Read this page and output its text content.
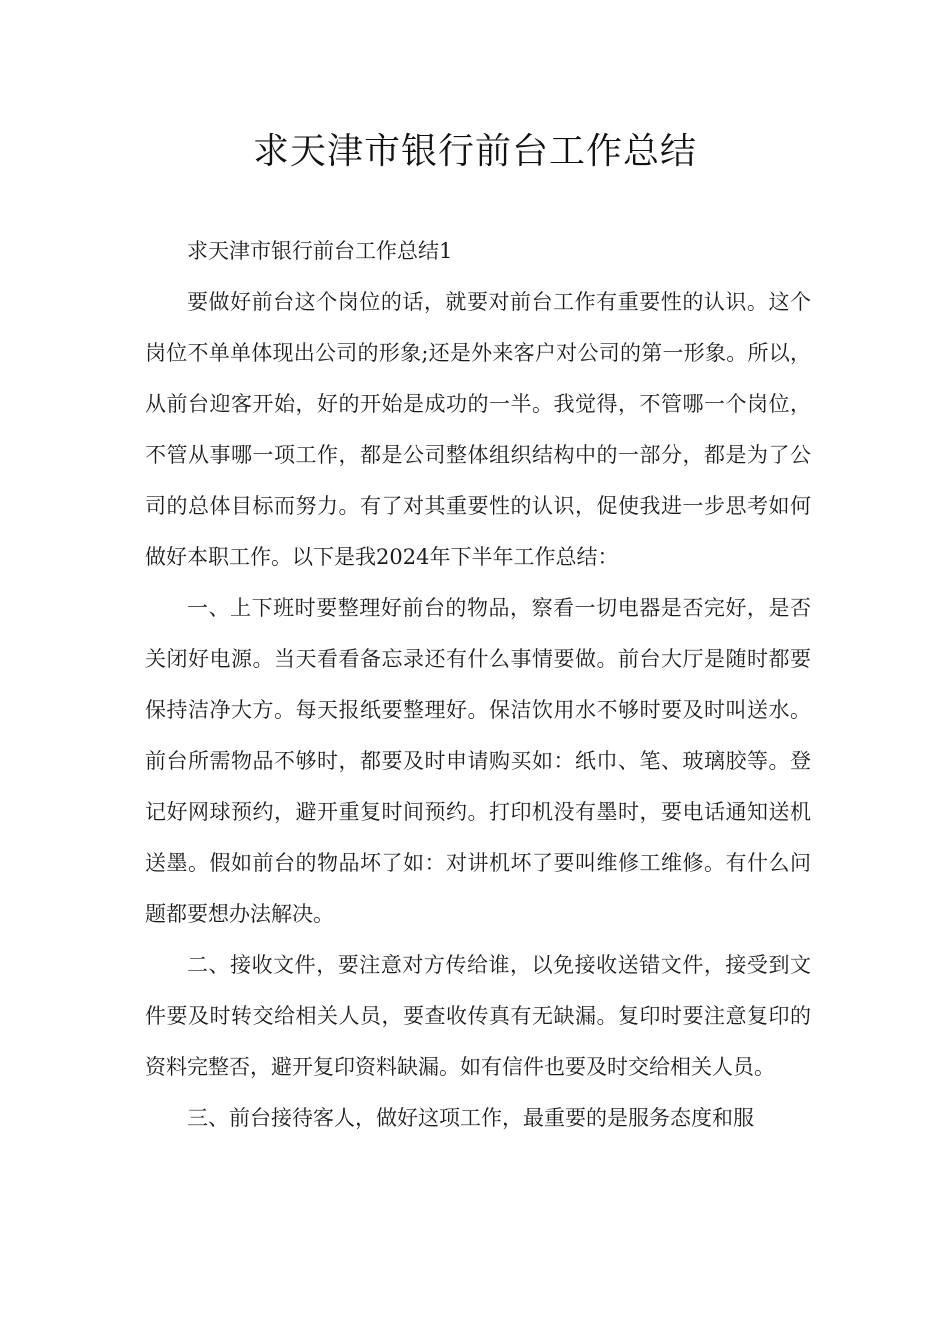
求天津市银行前台工作总结

求天津市银行前台工作总结1

要做好前台这个岗位的话，就要对前台工作有重要性的认识。这个岗位不单单体现出公司的形象;还是外来客户对公司的第一形象。所以，从前台迎客开始，好的开始是成功的一半。我觉得，不管哪一个岗位，不管从事哪一项工作，都是公司整体组织结构中的一部分，都是为了公司的总体目标而努力。有了对其重要性的认识，促使我进一步思考如何做好本职工作。以下是我2024年下半年工作总结：

一、上下班时要整理好前台的物品，察看一切电器是否完好，是否关闭好电源。当天看看备忘录还有什么事情要做。前台大厅是随时都要保持洁净大方。每天报纸要整理好。保洁饮用水不够时要及时叫送水。前台所需物品不够时，都要及时申请购买如：纸巾、笔、玻璃胶等。登记好网球预约，避开重复时间预约。打印机没有墨时，要电话通知送机送墨。假如前台的物品坏了如：对讲机坏了要叫维修工维修。有什么问题都要想办法解决。

二、接收文件，要注意对方传给谁，以免接收送错文件，接受到文件要及时转交给相关人员，要查收传真有无缺漏。复印时要注意复印的资料完整否，避开复印资料缺漏。如有信件也要及时交给相关人员。

三、前台接待客人，做好这项工作，最重要的是服务态度和服
